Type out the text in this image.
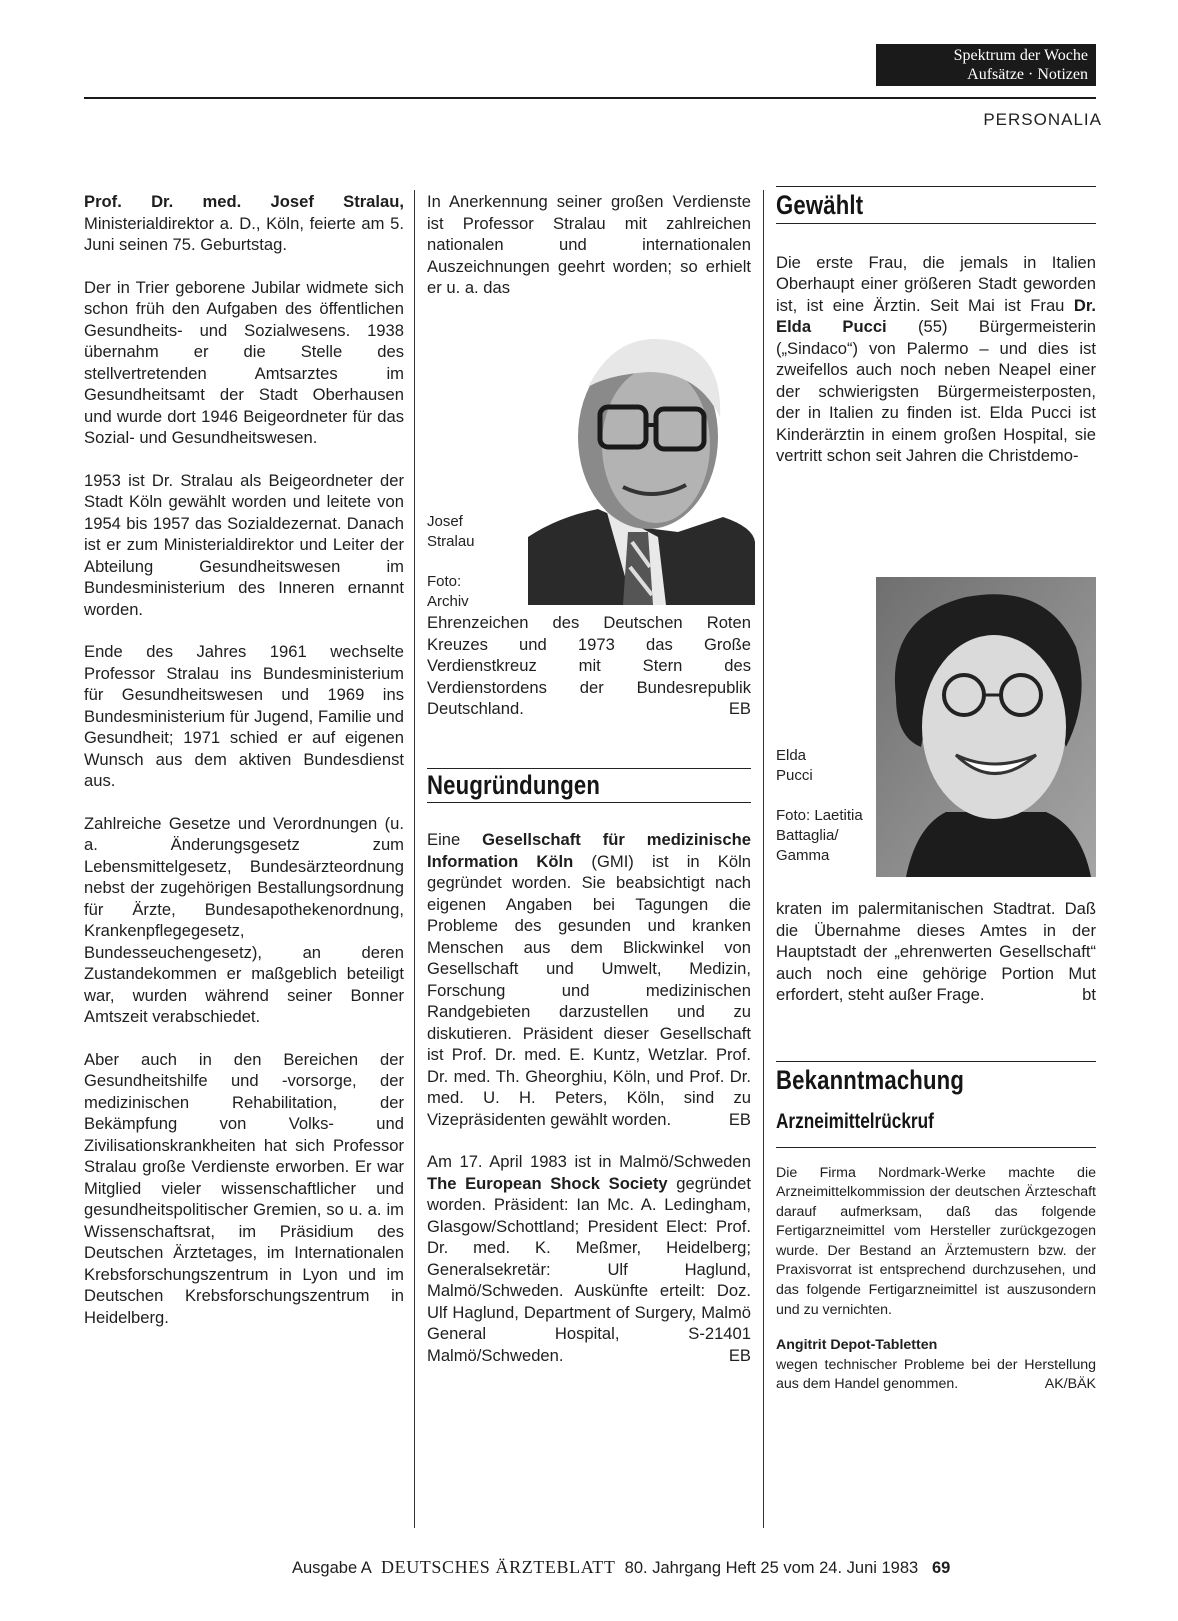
Spektrum der Woche
Aufsätze · Notizen
PERSONALIA

Prof. Dr. med. Josef Stralau, Ministerialdirektor a. D., Köln, feierte am 5. Juni seinen 75. Geburtstag.

Der in Trier geborene Jubilar widmete sich schon früh den Aufgaben des öffentlichen Gesundheits- und Sozialwesens. 1938 übernahm er die Stelle des stellvertretenden Amtsarztes im Gesundheitsamt der Stadt Oberhausen und wurde dort 1946 Beigeordneter für das Sozial- und Gesundheitswesen.

1953 ist Dr. Stralau als Beigeordneter der Stadt Köln gewählt worden und leitete von 1954 bis 1957 das Sozialdezernat. Danach ist er zum Ministerialdirektor und Leiter der Abteilung Gesundheitswesen im Bundesministerium des Inneren ernannt worden.

Ende des Jahres 1961 wechselte Professor Stralau ins Bundesministerium für Gesundheitswesen und 1969 ins Bundesministerium für Jugend, Familie und Gesundheit; 1971 schied er auf eigenen Wunsch aus dem aktiven Bundesdienst aus.

Zahlreiche Gesetze und Verordnungen (u. a. Änderungsgesetz zum Lebensmittelgesetz, Bundesärzteordnung nebst der zugehörigen Bestallungsordnung für Ärzte, Bundesapothekenordnung, Krankenpflegegesetz, Bundesseuchengesetz), an deren Zustandekommen er maßgeblich beteiligt war, wurden während seiner Bonner Amtszeit verabschiedet.

Aber auch in den Bereichen der Gesundheitshilfe und -vorsorge, der medizinischen Rehabilitation, der Bekämpfung von Volks- und Zivilisationskrankheiten hat sich Professor Stralau große Verdienste erworben. Er war Mitglied vieler wissenschaftlicher und gesundheitspolitischer Gremien, so u. a. im Wissenschaftsrat, im Präsidium des Deutschen Ärztetages, im Internationalen Krebsforschungszentrum in Lyon und im Deutschen Krebsforschungszentrum in Heidelberg.

In Anerkennung seiner großen Verdienste ist Professor Stralau mit zahlreichen nationalen und internationalen Auszeichnungen geehrt worden; so erhielt er u. a. das

Josef Stralau
Foto: Archiv

Ehrenzeichen des Deutschen Roten Kreuzes und 1973 das Große Verdienstkreuz mit Stern des Verdienstordens der Bundesrepublik Deutschland.	EB

Neugründungen

Eine Gesellschaft für medizinische Information Köln (GMI) ist in Köln gegründet worden. Sie beabsichtigt nach eigenen Angaben bei Tagungen die Probleme des gesunden und kranken Menschen aus dem Blickwinkel von Gesellschaft und Umwelt, Medizin, Forschung und medizinischen Randgebieten darzustellen und zu diskutieren. Präsident dieser Gesellschaft ist Prof. Dr. med. E. Kuntz, Wetzlar. Prof. Dr. med. Th. Gheorghiu, Köln, und Prof. Dr. med. U. H. Peters, Köln, sind zu Vizepräsidenten gewählt worden.	EB

Am 17. April 1983 ist in Malmö/Schweden The European Shock Society gegründet worden. Präsident: Ian Mc. A. Ledingham, Glasgow/Schottland; President Elect: Prof. Dr. med. K. Meßmer, Heidelberg; Generalsekretär: Ulf Haglund, Malmö/Schweden. Auskünfte erteilt: Doz. Ulf Haglund, Department of Surgery, Malmö General Hospital, S-21401 Malmö/Schweden.	EB

Gewählt

Die erste Frau, die jemals in Italien Oberhaupt einer größeren Stadt geworden ist, ist eine Ärztin. Seit Mai ist Frau Dr. Elda Pucci (55) Bürgermeisterin („Sindaco“) von Palermo – und dies ist zweifellos auch noch neben Neapel einer der schwierigsten Bürgermeisterposten, der in Italien zu finden ist. Elda Pucci ist Kinderärztin in einem großen Hospital, sie vertritt schon seit Jahren die Christdemo-

Elda Pucci
Foto: Laetitia Battaglia/ Gamma

kraten im palermitanischen Stadtrat. Daß die Übernahme dieses Amtes in der Hauptstadt der „ehrenwerten Gesellschaft“ auch noch eine gehörige Portion Mut erfordert, steht außer Frage.	bt

Bekanntmachung
Arzneimittelrückruf

Die Firma Nordmark-Werke machte die Arzneimittelkommission der deutschen Ärzteschaft darauf aufmerksam, daß das folgende Fertigarzneimittel vom Hersteller zurückgezogen wurde. Der Bestand an Ärztemustern bzw. der Praxisvorrat ist entsprechend durchzusehen, und das folgende Fertigarzneimittel ist auszusondern und zu vernichten.

Angitrit Depot-Tabletten

wegen technischer Probleme bei der Herstellung aus dem Handel genommen.	AK/BÄK

Ausgabe A DEUTSCHES ÄRZTEBLATT 80. Jahrgang Heft 25 vom 24. Juni 1983 69
